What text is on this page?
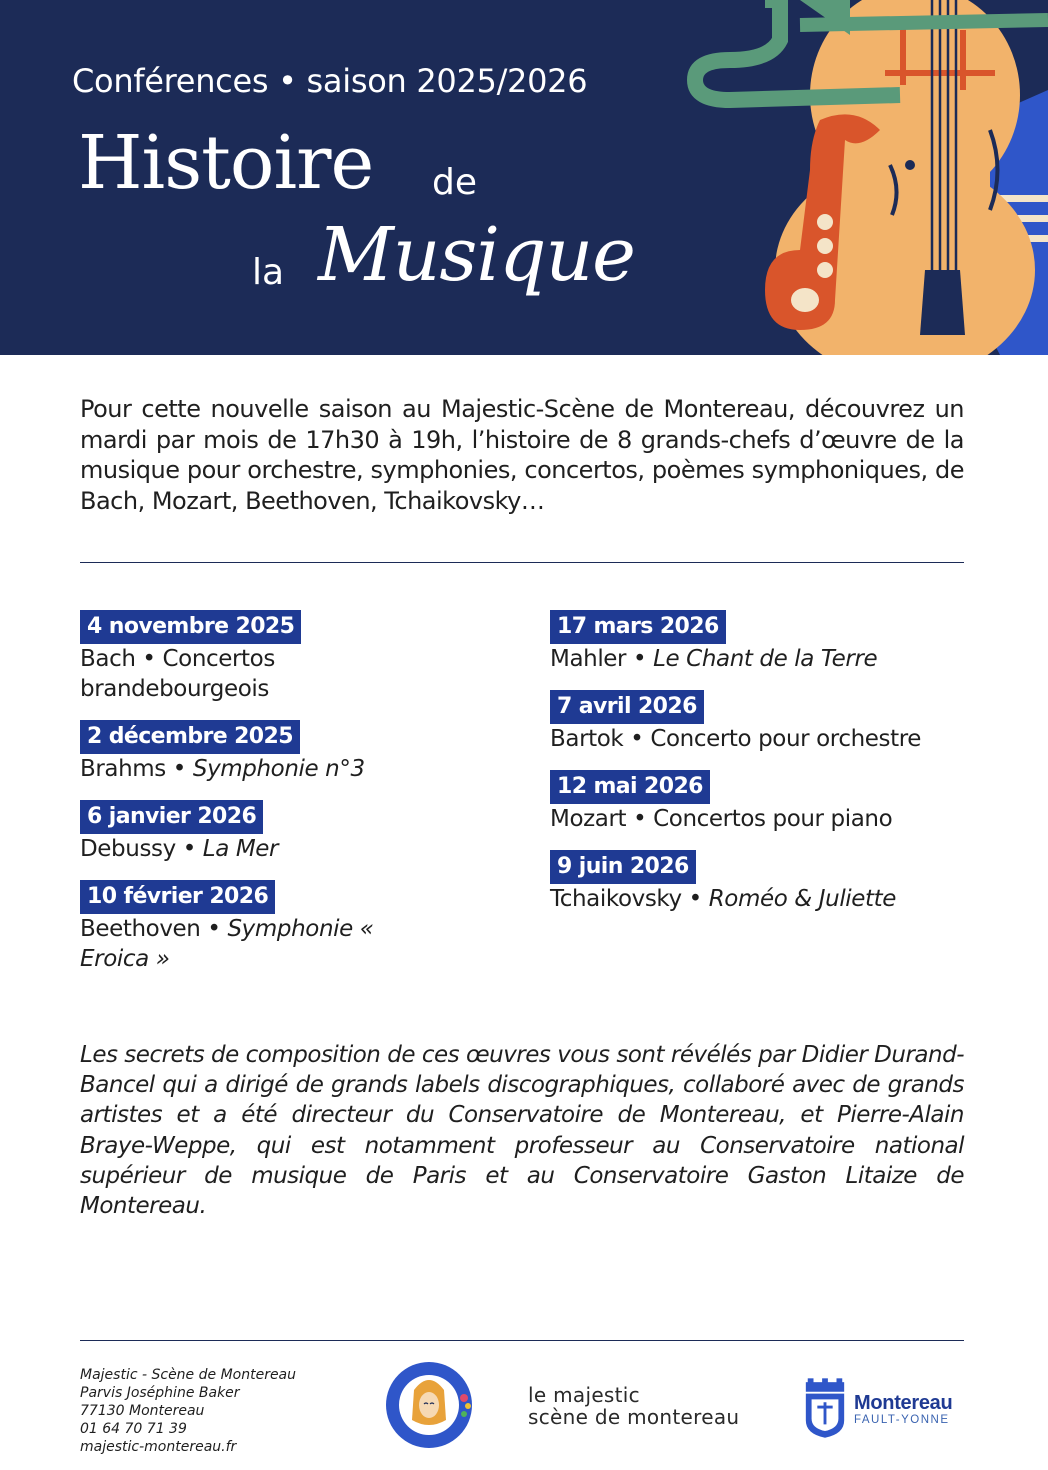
Conférences • saison 2025/2026
Histoire de
la Musique

Pour cette nouvelle saison au Majestic-Scène de Montereau, découvrez un mardi par mois de 17h30 à 19h, l’histoire de 8 grands-chefs d’œuvre de la musique pour orchestre, symphonies, concertos, poèmes symphoniques, de Bach, Mozart, Beethoven, Tchaikovsky…

4 novembre 2025
Bach • Concertos
brandebourgeois
2 décembre 2025
Brahms • Symphonie n°3
6 janvier 2026
Debussy • La Mer
10 février 2026
Beethoven • Symphonie « Eroica »
17 mars 2026
Mahler • Le Chant de la Terre
7 avril 2026
Bartok • Concerto pour orchestre
12 mai 2026
Mozart • Concertos pour piano
9 juin 2026
Tchaikovsky • Roméo & Juliette

Les secrets de composition de ces œuvres vous sont révélés par Didier Durand-Bancel qui a dirigé de grands labels discographiques, collaboré avec de grands artistes et a été directeur du Conservatoire de Montereau, et Pierre-Alain Braye-Weppe, qui est notamment professeur au Conservatoire national supérieur de musique de Paris et au Conservatoire Gaston Litaize de Montereau.

Majestic - Scène de Montereau
Parvis Joséphine Baker
77130 Montereau
01 64 70 71 39
majestic-montereau.fr
le majestic
scène de montereau
Montereau
FAULT-YONNE
